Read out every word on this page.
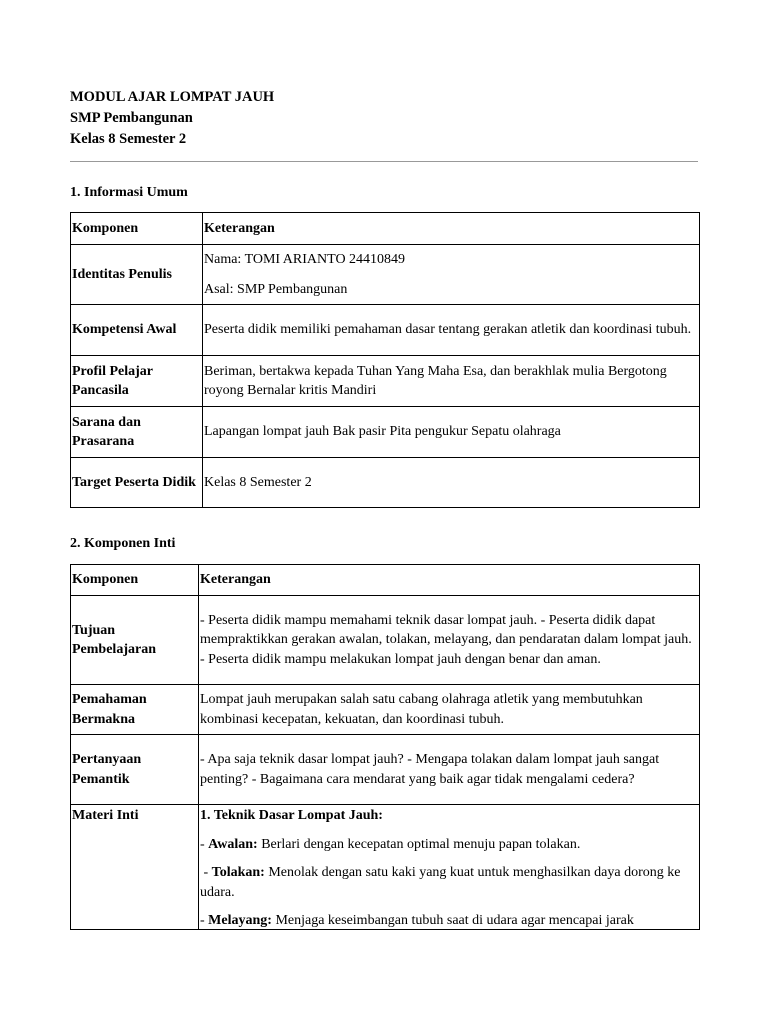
MODUL AJAR LOMPAT JAUH
SMP Pembangunan
Kelas 8 Semester 2
1. Informasi Umum
Komponen	Keterangan
Identitas Penulis	Nama: TOMI ARIANTO 24410849

Asal: SMP Pembangunan

Kompetensi Awal	Peserta didik memiliki pemahaman dasar tentang gerakan atletik dan koordinasi tubuh.
Profil Pelajar Pancasila	Beriman, bertakwa kepada Tuhan Yang Maha Esa, dan berakhlak mulia Bergotong royong Bernalar kritis Mandiri
Sarana dan Prasarana	Lapangan lompat jauh Bak pasir Pita pengukur Sepatu olahraga
Target Peserta Didik	Kelas 8 Semester 2
2. Komponen Inti
Komponen	Keterangan
Tujuan Pembelajaran	- Peserta didik mampu memahami teknik dasar lompat jauh. - Peserta didik dapat mempraktikkan gerakan awalan, tolakan, melayang, dan pendaratan dalam lompat jauh. - Peserta didik mampu melakukan lompat jauh dengan benar dan aman.
Pemahaman Bermakna	Lompat jauh merupakan salah satu cabang olahraga atletik yang membutuhkan kombinasi kecepatan, kekuatan, dan koordinasi tubuh.
Pertanyaan Pemantik	- Apa saja teknik dasar lompat jauh? - Mengapa tolakan dalam lompat jauh sangat penting? - Bagaimana cara mendarat yang baik agar tidak mengalami cedera?
Materi Inti	1. Teknik Dasar Lompat Jauh:

- Awalan: Berlari dengan kecepatan optimal menuju papan tolakan.

- Tolakan: Menolak dengan satu kaki yang kuat untuk menghasilkan daya dorong ke udara.

- Melayang: Menjaga keseimbangan tubuh saat di udara agar mencapai jarak
